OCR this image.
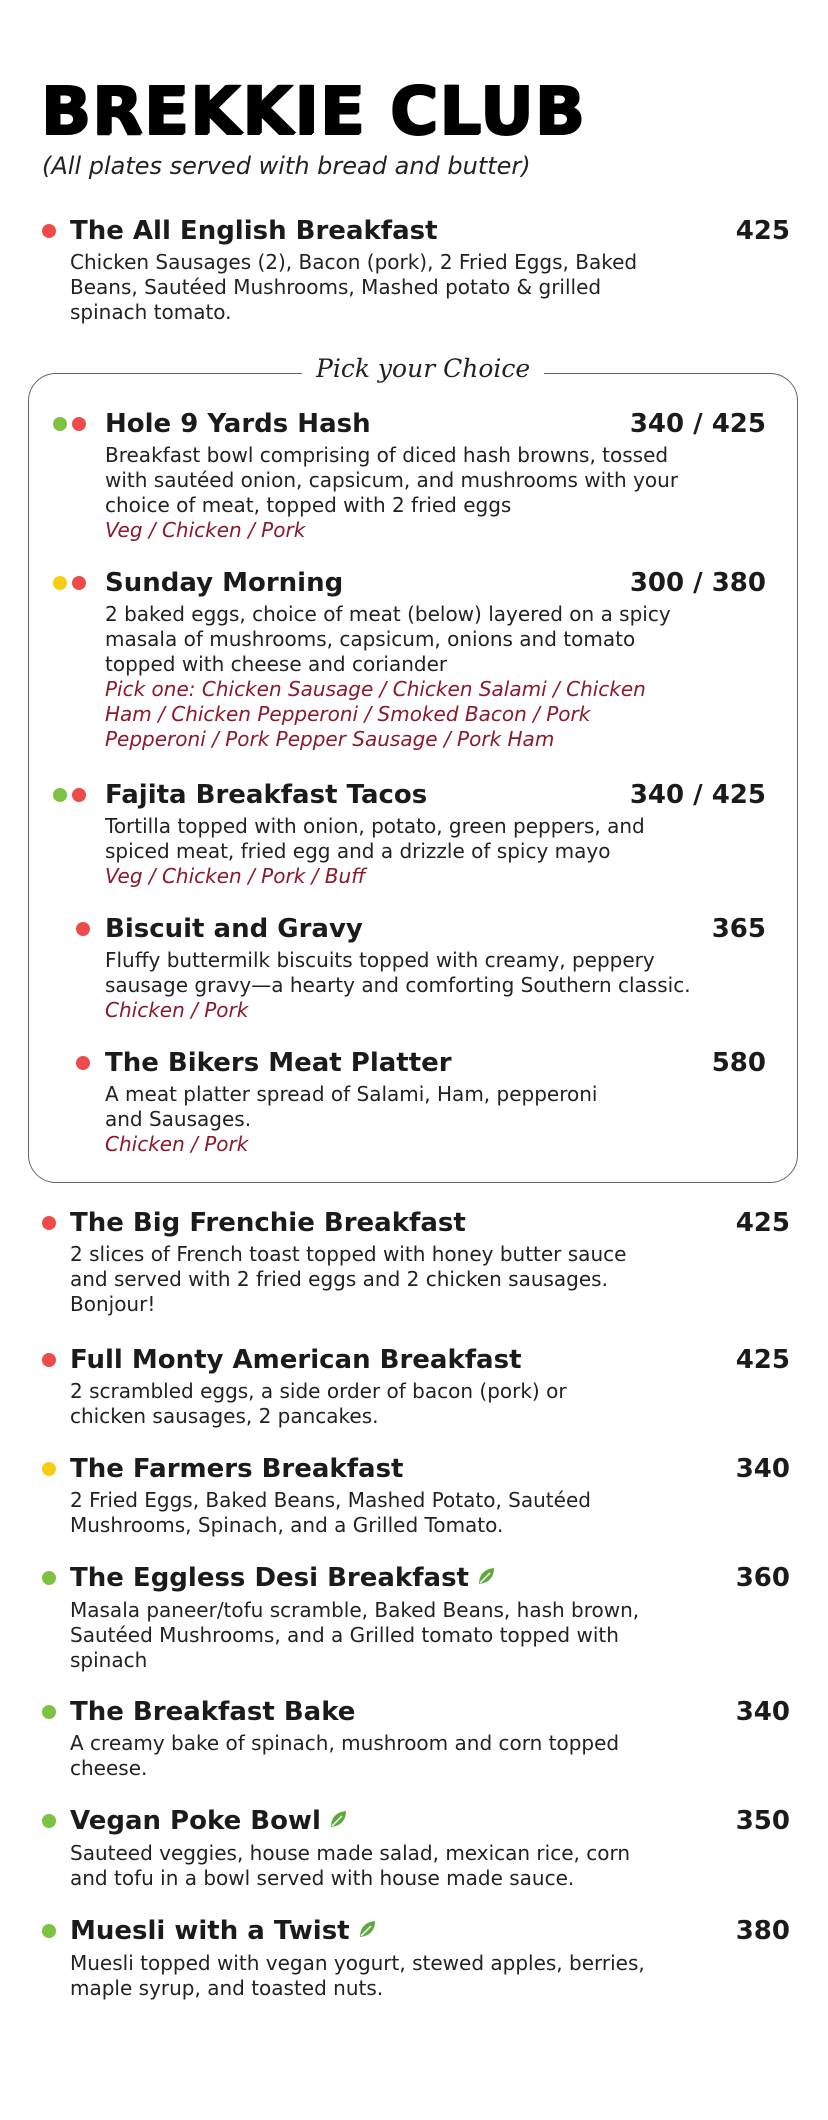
BREKKIE CLUB

(All plates served with bread and butter)

The All English Breakfast
Chicken Sausages (2), Bacon (pork), 2 Fried Eggs, Baked Beans, Sautéed Mushrooms, Mashed potato & grilled spinach tomato.
425
Pick your Choice
Hole 9 Yards Hash
Breakfast bowl comprising of diced hash browns, tossed with sautéed onion, capsicum, and mushrooms with your choice of meat, topped with 2 fried eggs
Veg / Chicken / Pork
340 / 425
Sunday Morning
2 baked eggs, choice of meat (below) layered on a spicy masala of mushrooms, capsicum, onions and tomato topped with cheese and coriander
Pick one: Chicken Sausage / Chicken Salami / Chicken Ham / Chicken Pepperoni / Smoked Bacon / Pork Pepperoni / Pork Pepper Sausage / Pork Ham
300 / 380
Fajita Breakfast Tacos
Tortilla topped with onion, potato, green peppers, and spiced meat, fried egg and a drizzle of spicy mayo
Veg / Chicken / Pork / Buff
340 / 425
Biscuit and Gravy
Fluffy buttermilk biscuits topped with creamy, peppery sausage gravy—a hearty and comforting Southern classic.
Chicken / Pork
365
The Bikers Meat Platter
A meat platter spread of Salami, Ham, pepperoni and Sausages.
Chicken / Pork
580
The Big Frenchie Breakfast
2 slices of French toast topped with honey butter sauce and served with 2 fried eggs and 2 chicken sausages. Bonjour!
425
Full Monty American Breakfast
2 scrambled eggs, a side order of bacon (pork) or chicken sausages, 2 pancakes.
425
The Farmers Breakfast
2 Fried Eggs, Baked Beans, Mashed Potato, Sautéed Mushrooms, Spinach, and a Grilled Tomato.
340
The Eggless Desi Breakfast
Masala paneer/tofu scramble, Baked Beans, hash brown, Sautéed Mushrooms, and a Grilled tomato topped with spinach
360
The Breakfast Bake
A creamy bake of spinach, mushroom and corn topped cheese.
340
Vegan Poke Bowl
Sauteed veggies, house made salad, mexican rice, corn and tofu in a bowl served with house made sauce.
350
Muesli with a Twist
Muesli topped with vegan yogurt, stewed apples, berries, maple syrup, and toasted nuts.
380
